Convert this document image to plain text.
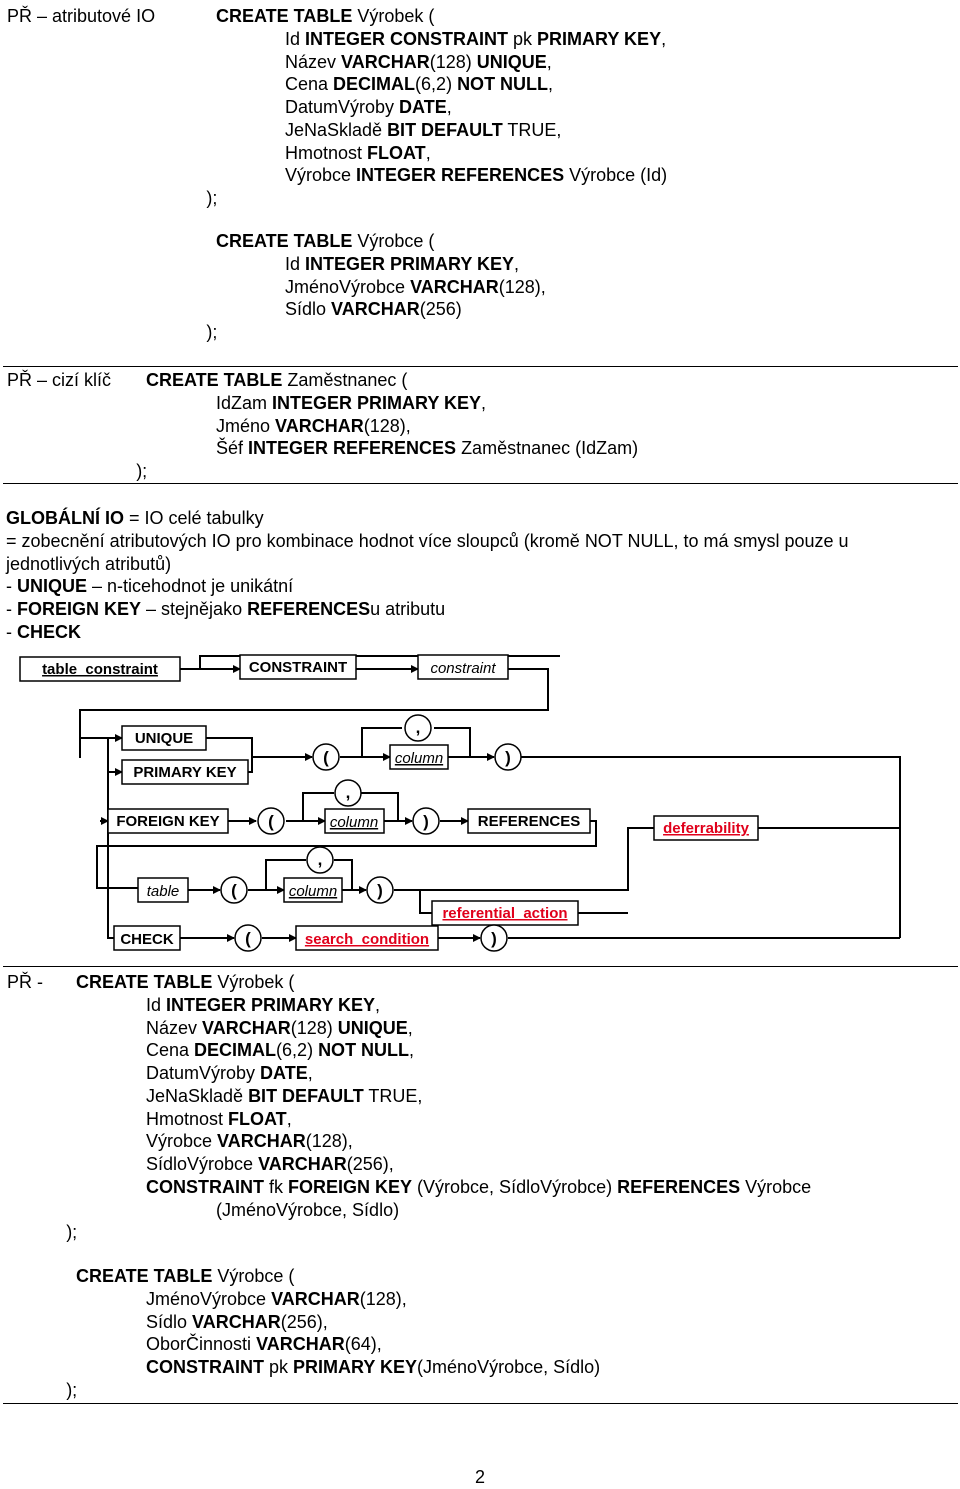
PŘ – atributové IO
PŘ – cizí klíč
table_constraint	CONSTRAINT
UNIQUE
PRIMARY KEY
FOREIGN KEY	REFERENCES
CHECK
constraint
column
column
table	column
deferrability
referential_action
search_condition
,
(	)
,
(	)
,
(	)
(	)
PŘ -
2
CREATE TABLE Výrobek (
Id INTEGER CONSTRAINT pk PRIMARY KEY,
Název VARCHAR(128) UNIQUE,
Cena DECIMAL(6,2) NOT NULL,
DatumVýroby DATE,
JeNaSkladě BIT DEFAULT TRUE,
Hmotnost FLOAT,
Výrobce INTEGER REFERENCES Výrobce (Id)
);
CREATE TABLE Výrobce (
Id INTEGER PRIMARY KEY,
JménoVýrobce VARCHAR(128),
Sídlo VARCHAR(256)
);
CREATE TABLE Zaměstnanec (
IdZam INTEGER PRIMARY KEY,
Jméno VARCHAR(128),
Šéf INTEGER REFERENCES Zaměstnanec (IdZam)
);
GLOBÁLNÍ IO = IO celé tabulky
= zobecnění atributových IO pro kombinace hodnot více sloupců (kromě NOT NULL, to má smysl pouze u
jednotlivých atributů)
- UNIQUE – n-ticehodnot je unikátní
- FOREIGN KEY – stejnějako REFERENCESu atributu
- CHECK
CREATE TABLE Výrobek (
Id INTEGER PRIMARY KEY,
Název VARCHAR(128) UNIQUE,
Cena DECIMAL(6,2) NOT NULL,
DatumVýroby DATE,
JeNaSkladě BIT DEFAULT TRUE,
Hmotnost FLOAT,
Výrobce VARCHAR(128),
SídloVýrobce VARCHAR(256),
CONSTRAINT fk FOREIGN KEY (Výrobce, SídloVýrobce) REFERENCES Výrobce
(JménoVýrobce, Sídlo)
);
CREATE TABLE Výrobce (
JménoVýrobce VARCHAR(128),
Sídlo VARCHAR(256),
OborČinnosti VARCHAR(64),
CONSTRAINT pk PRIMARY KEY(JménoVýrobce, Sídlo)
);
